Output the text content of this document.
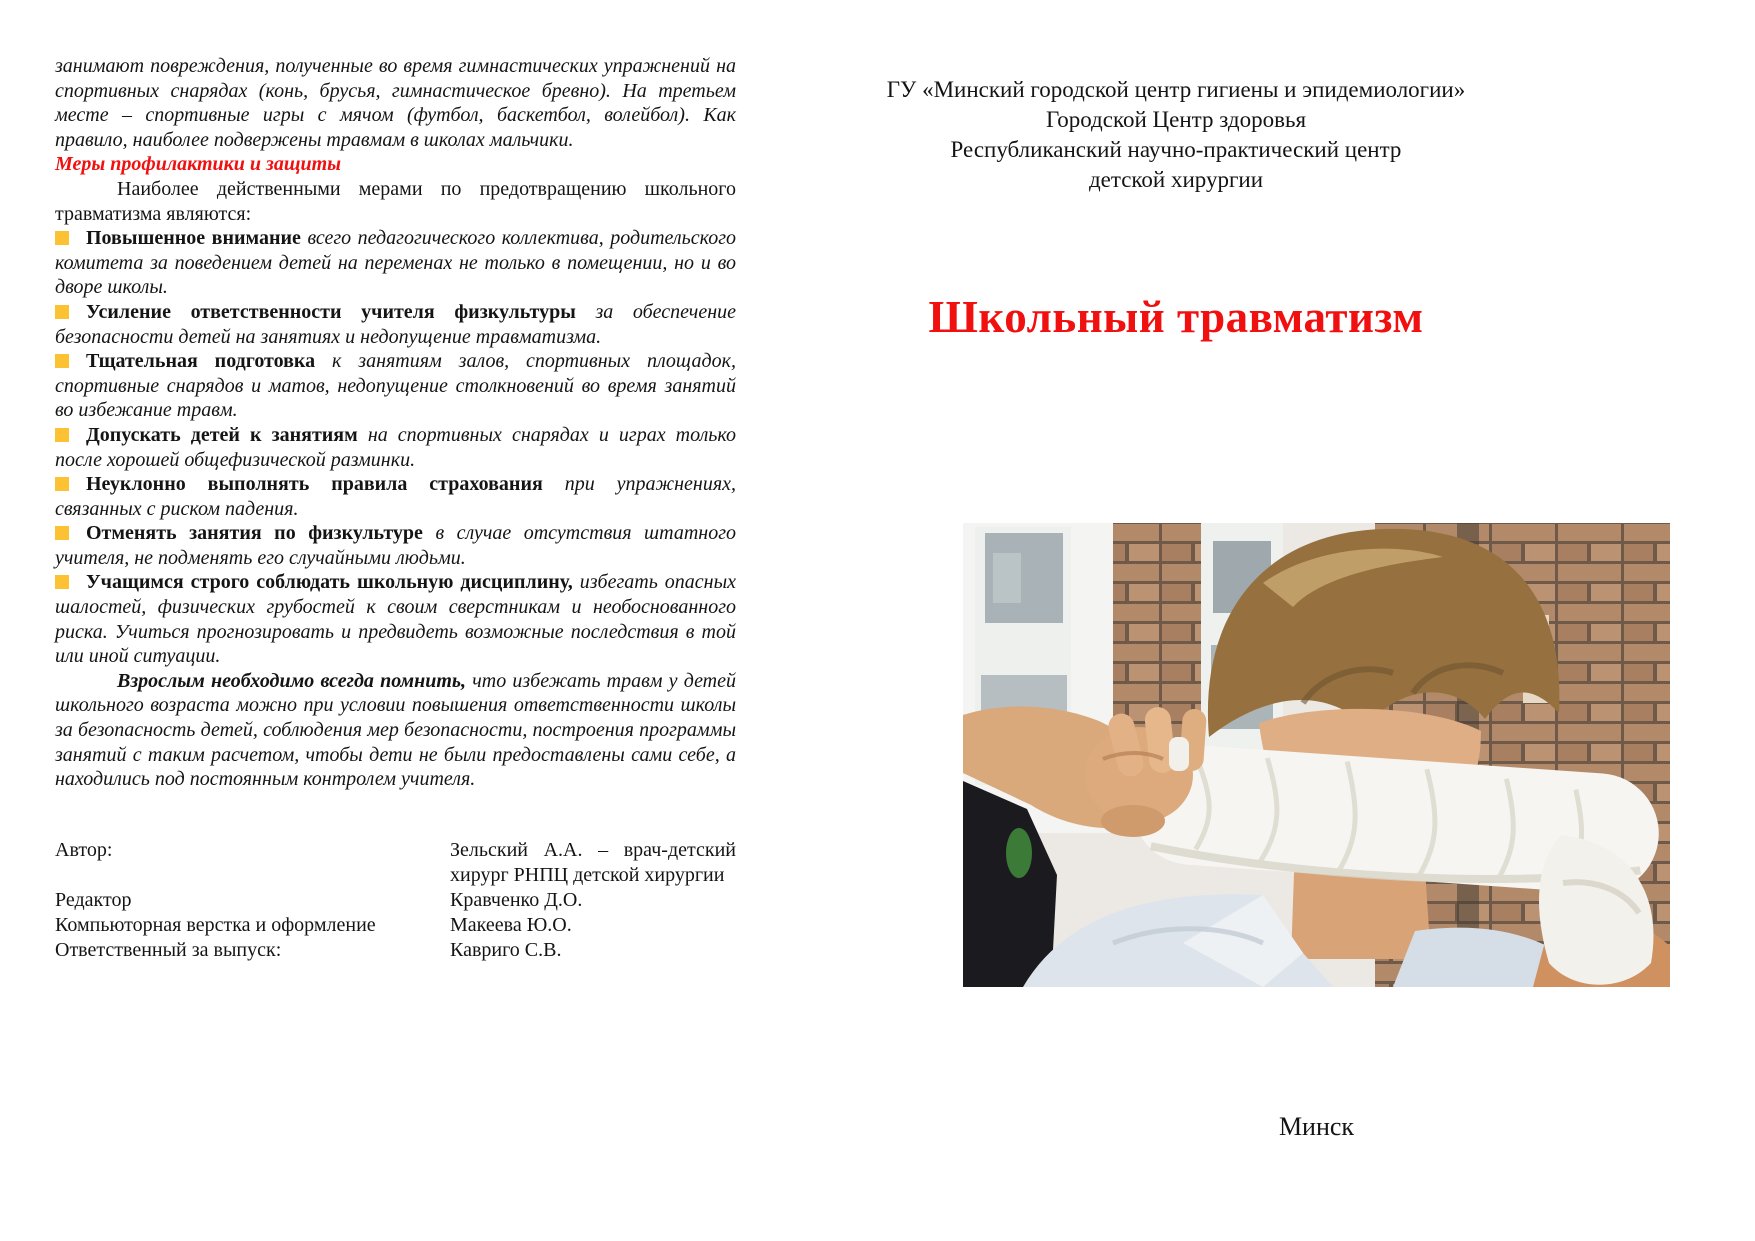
занимают повреждения, полученные во время гимнастических упражнений на спортивных снарядах (конь, брусья, гимнастическое бревно). На третьем месте – спортивные игры с мячом (футбол, баскетбол, волейбол). Как правило, наиболее подвержены травмам в школах мальчики.

Меры профилактики и защиты

Наиболее действенными мерами по предотвращению школьного травматизма являются:

Повышенное внимание всего педагогического коллектива, родительского комитета за поведением детей на переменах не только в помещении, но и во дворе школы.

Усиление ответственности учителя физкультуры за обеспечение безопасности детей на занятиях и недопущение травматизма.

Тщательная подготовка к занятиям залов, спортивных площадок, спортивные снарядов и матов, недопущение столкновений во время занятий во избежание травм.

Допускать детей к занятиям на спортивных снарядах и играх только после хорошей общефизической разминки.

Неуклонно выполнять правила страхования при упражнениях, связанных с риском падения.

Отменять занятия по физкультуре в случае отсутствия штатного учителя, не подменять его случайными людьми.

Учащимся строго соблюдать школьную дисциплину, избегать опасных шалостей, физических грубостей к своим сверстникам и необоснованного риска. Учиться прогнозировать и предвидеть возможные последствия в той или иной ситуации.

Взрослым необходимо всегда помнить, что избежать травм у детей школьного возраста можно при условии повышения ответственности школы за безопасность детей, соблюдения мер безопасности, построения программы занятий с таким расчетом, чтобы дети не были предоставлены сами себе, а находились под постоянным контролем учителя.

Автор:	Зельский А.А. – врач-детский хирург РНПЦ детской хирургии
Редактор	Кравченко Д.О.
Компьюторная верстка и оформление	Макеева Ю.О.
Ответственный за выпуск:	Кавриго С.В.
ГУ «Минский городской центр гигиены и эпидемиологии»
Городской Центр здоровья
Республиканский научно-практический центр
детской хирургии
Школьный травматизм
Минск
